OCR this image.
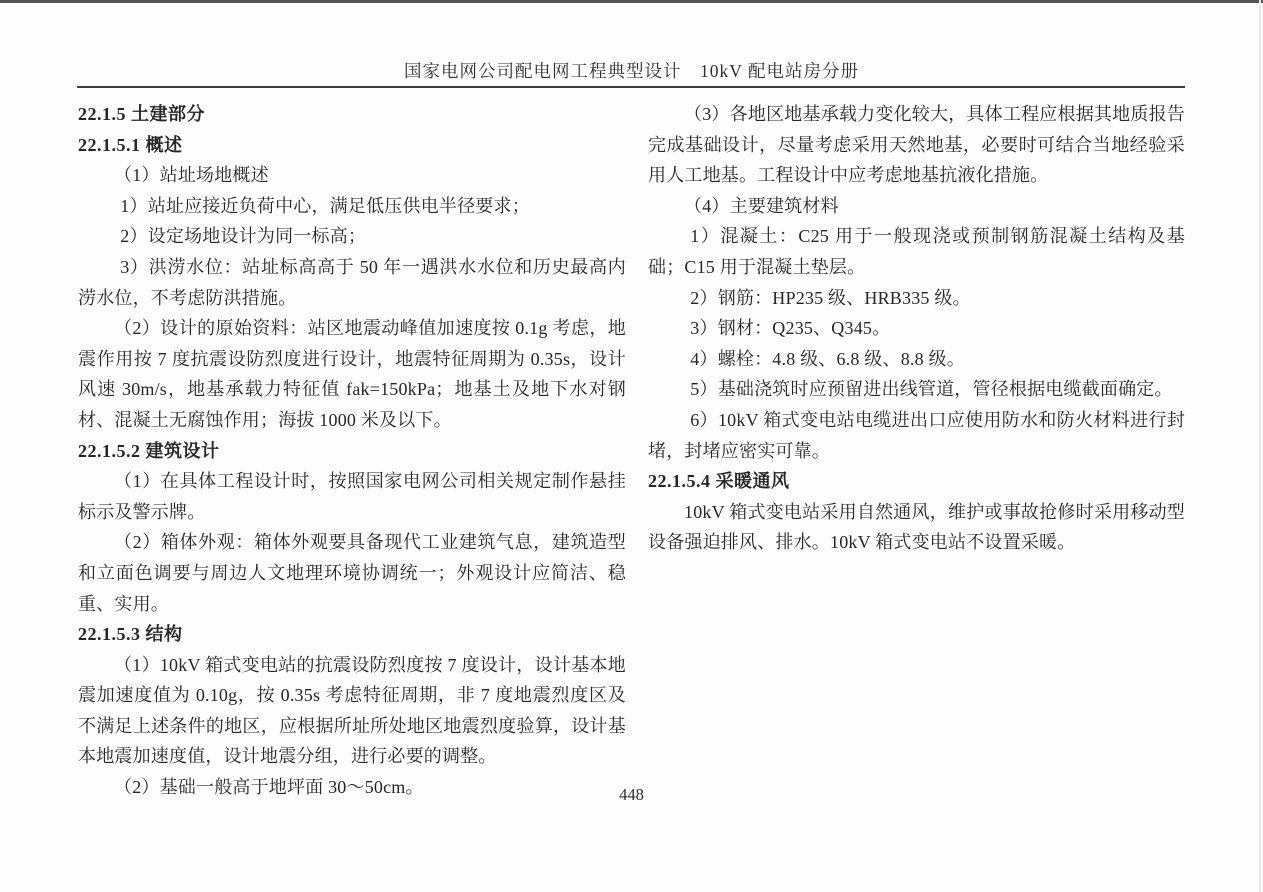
国家电网公司配电网工程典型设计　10kV 配电站房分册

22.1.5 土建部分

22.1.5.1 概述

（1）站址场地概述

1）站址应接近负荷中心，满足低压供电半径要求；

2）设定场地设计为同一标高；

3）洪涝水位：站址标高高于 50 年一遇洪水水位和历史最高内涝水位，不考虑防洪措施。

（2）设计的原始资料：站区地震动峰值加速度按 0.1g 考虑，地震作用按 7 度抗震设防烈度进行设计，地震特征周期为 0.35s，设计风速 30m/s，地基承载力特征值 fak=150kPa；地基土及地下水对钢材、混凝土无腐蚀作用；海拔 1000 米及以下。

22.1.5.2 建筑设计

（1）在具体工程设计时，按照国家电网公司相关规定制作悬挂标示及警示牌。

（2）箱体外观：箱体外观要具备现代工业建筑气息，建筑造型和立面色调要与周边人文地理环境协调统一；外观设计应简洁、稳重、实用。

22.1.5.3 结构

（1）10kV 箱式变电站的抗震设防烈度按 7 度设计，设计基本地震加速度值为 0.10g，按 0.35s 考虑特征周期，非 7 度地震烈度区及不满足上述条件的地区，应根据所址所处地区地震烈度验算，设计基本地震加速度值，设计地震分组，进行必要的调整。

（2）基础一般高于地坪面 30～50cm。

（3）各地区地基承载力变化较大，具体工程应根据其地质报告完成基础设计，尽量考虑采用天然地基，必要时可结合当地经验采用人工地基。工程设计中应考虑地基抗液化措施。

（4）主要建筑材料

1）混凝土：C25 用于一般现浇或预制钢筋混凝土结构及基础；C15 用于混凝土垫层。

2）钢筋：HP235 级、HRB335 级。

3）钢材：Q235、Q345。

4）螺栓：4.8 级、6.8 级、8.8 级。

5）基础浇筑时应预留进出线管道，管径根据电缆截面确定。

6）10kV 箱式变电站电缆进出口应使用防水和防火材料进行封堵，封堵应密实可靠。

22.1.5.4 采暖通风

10kV 箱式变电站采用自然通风，维护或事故抢修时采用移动型设备强迫排风、排水。10kV 箱式变电站不设置采暖。

448
